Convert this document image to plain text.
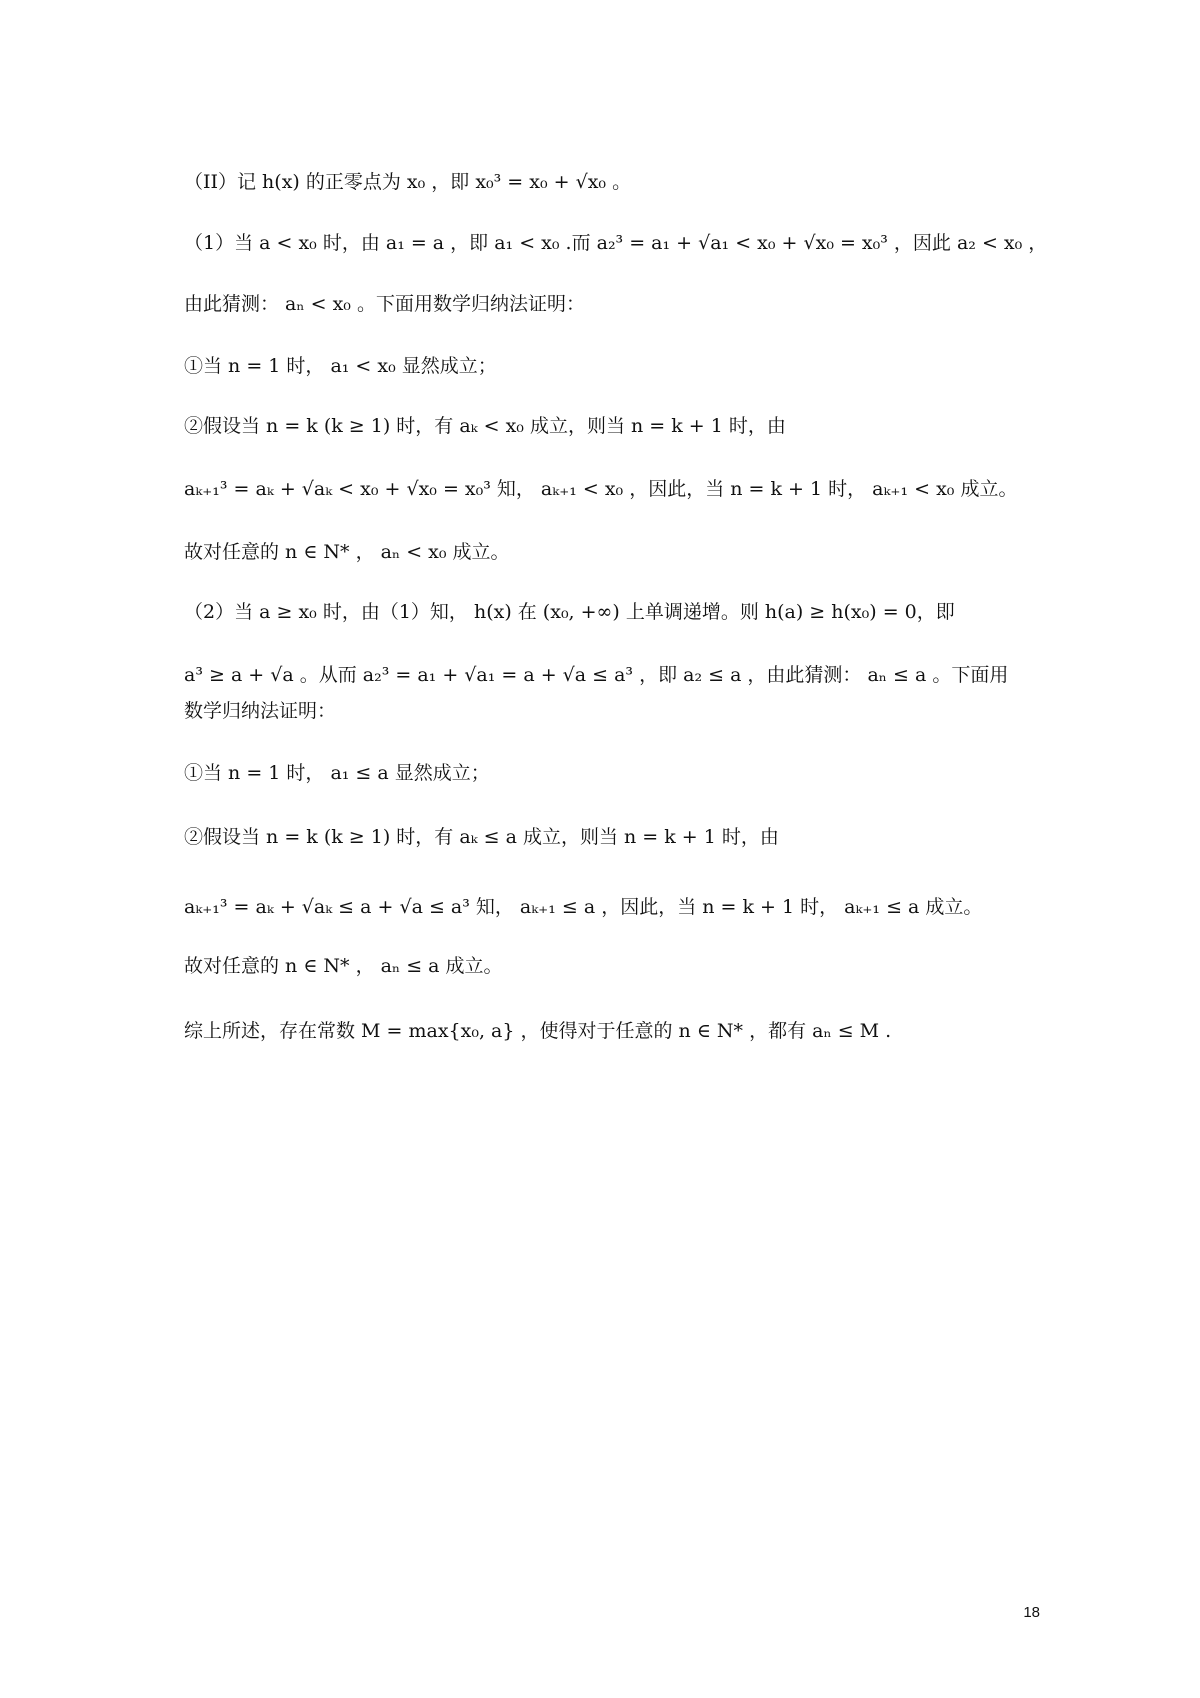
（II）记 h(x) 的正零点为 x₀ ，即 x₀³ = x₀ + √x₀ 。
（1）当 a < x₀ 时，由 a₁ = a ，即 a₁ < x₀ .而 a₂³ = a₁ + √a₁ < x₀ + √x₀ = x₀³ ，因此 a₂ < x₀ ，
由此猜测： aₙ < x₀ 。下面用数学归纳法证明：
①当 n = 1 时， a₁ < x₀ 显然成立；
②假设当 n = k (k ≥ 1) 时，有 aₖ < x₀ 成立，则当 n = k + 1 时，由
aₖ₊₁³ = aₖ + √aₖ < x₀ + √x₀ = x₀³ 知， aₖ₊₁ < x₀ ，因此，当 n = k + 1 时， aₖ₊₁ < x₀ 成立。
故对任意的 n ∈ N* ， aₙ < x₀ 成立。
（2）当 a ≥ x₀ 时，由（1）知， h(x) 在 (x₀, +∞) 上单调递增。则 h(a) ≥ h(x₀) = 0，即
a³ ≥ a + √a 。从而 a₂³ = a₁ + √a₁ = a + √a ≤ a³ ，即 a₂ ≤ a ，由此猜测： aₙ ≤ a 。下面用
数学归纳法证明：
①当 n = 1 时， a₁ ≤ a 显然成立；
②假设当 n = k (k ≥ 1) 时，有 aₖ ≤ a 成立，则当 n = k + 1 时，由
aₖ₊₁³ = aₖ + √aₖ ≤ a + √a ≤ a³ 知， aₖ₊₁ ≤ a ，因此，当 n = k + 1 时， aₖ₊₁ ≤ a 成立。
故对任意的 n ∈ N* ， aₙ ≤ a 成立。
综上所述，存在常数 M = max{x₀, a} ，使得对于任意的 n ∈ N* ，都有 aₙ ≤ M .
18
